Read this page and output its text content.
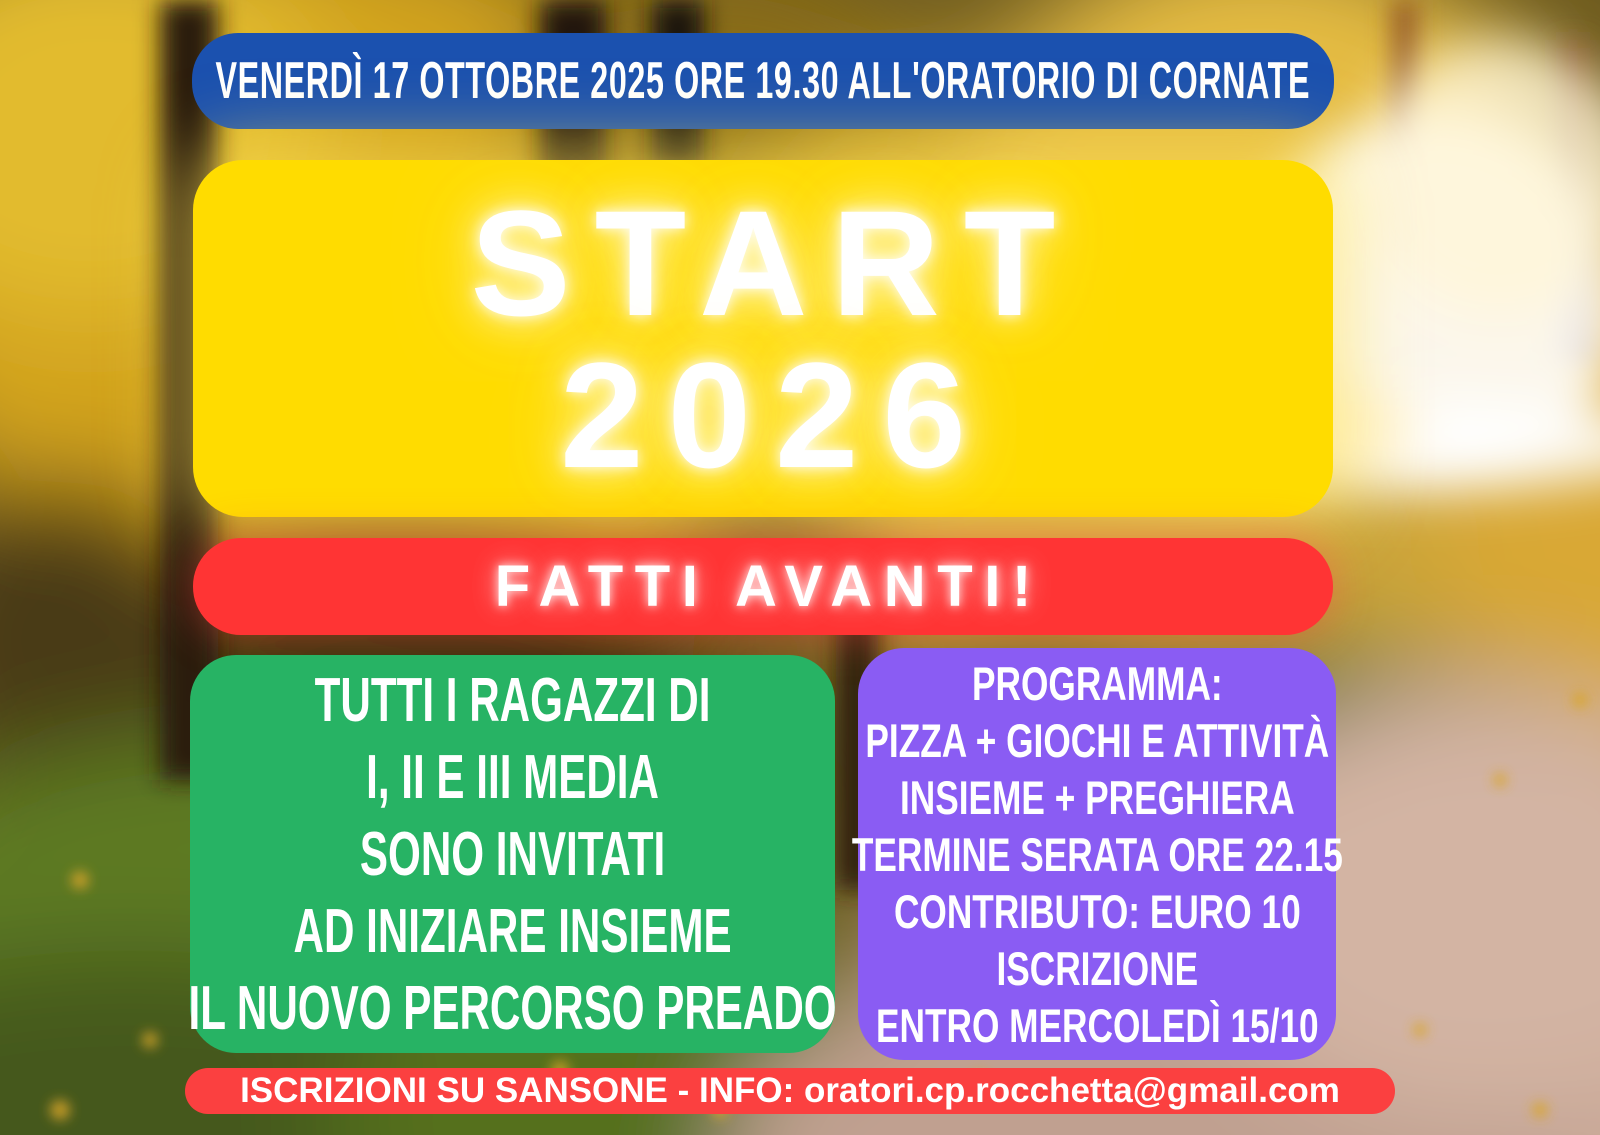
VENERDÌ 17 OTTOBRE 2025 ORE 19.30 ALL'ORATORIO DI CORNATE
START
2026
FATTI AVANTI!
TUTTI I RAGAZZI DI
I, II E III MEDIA
SONO INVITATI
AD INIZIARE INSIEME
IL NUOVO PERCORSO PREADO
PROGRAMMA:
PIZZA + GIOCHI E ATTIVITÀ
INSIEME + PREGHIERA
TERMINE SERATA ORE 22.15
CONTRIBUTO: EURO 10
ISCRIZIONE
ENTRO MERCOLEDÌ 15/10
ISCRIZIONI SU SANSONE - INFO: oratori.cp.rocchetta@gmail.com
